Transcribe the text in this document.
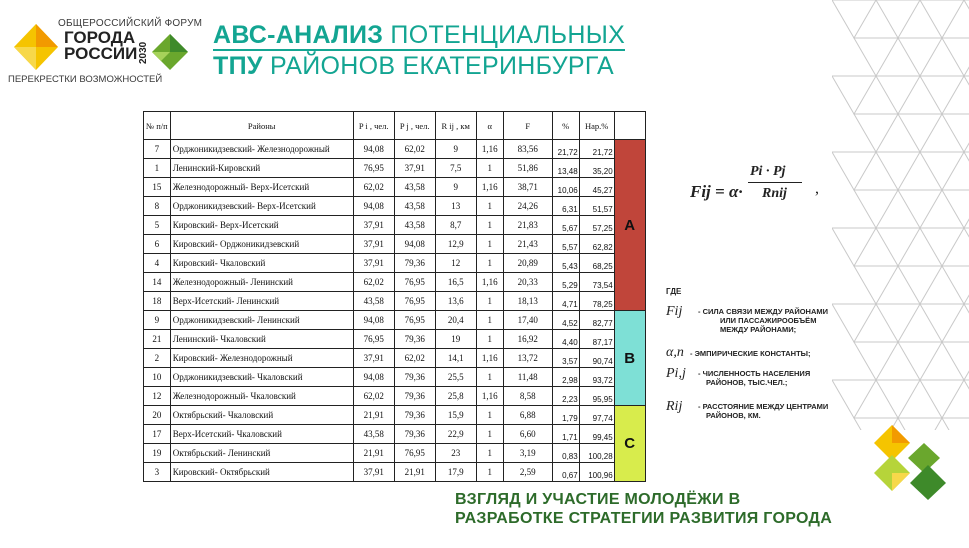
ОБЩЕРОССИЙСКИЙ ФОРУМ
ГОРОДА
РОССИИ 2030
ПЕРЕКРЕСТКИ ВОЗМОЖНОСТЕЙ
АВС-АНАЛИЗ ПОТЕНЦИАЛЬНЫХ
ТПУ РАЙОНОВ ЕКАТЕРИНБУРГА
№ п/п	Районы	P i , чел.	P j , чел.	R ij , км	α	F	%	Нар.%	
7	Орджоникидзевский- Железнодорожный	94,08	62,02	9	1,16	83,56	21,72	21,72	A
1	Ленинский-Кировский	76,95	37,91	7,5	1	51,86	13,48	35,20	
15	Железнодорожный- Верх-Исетский	62,02	43,58	9	1,16	38,71	10,06	45,27	
8	Орджоникидзевский- Верх-Исетский	94,08	43,58	13	1	24,26	6,31	51,57	
5	Кировский- Верх-Исетский	37,91	43,58	8,7	1	21,83	5,67	57,25	
6	Кировский- Орджоникидзевский	37,91	94,08	12,9	1	21,43	5,57	62,82	
4	Кировский- Чкаловский	37,91	79,36	12	1	20,89	5,43	68,25	
14	Железнодорожный- Ленинский	62,02	76,95	16,5	1,16	20,33	5,29	73,54	
18	Верх-Исетский- Ленинский	43,58	76,95	13,6	1	18,13	4,71	78,25	
9	Орджоникидзевский- Ленинский	94,08	76,95	20,4	1	17,40	4,52	82,77	B
21	Ленинский- Чкаловский	76,95	79,36	19	1	16,92	4,40	87,17	
2	Кировский- Железнодорожный	37,91	62,02	14,1	1,16	13,72	3,57	90,74	
10	Орджоникидзевский- Чкаловский	94,08	79,36	25,5	1	11,48	2,98	93,72	
12	Железнодорожный- Чкаловский	62,02	79,36	25,8	1,16	8,58	2,23	95,95	
20	Октябрьский- Чкаловский	21,91	79,36	15,9	1	6,88	1,79	97,74	C
17	Верх-Исетский- Чкаловский	43,58	79,36	22,9	1	6,60	1,71	99,45	
19	Октябрьский- Ленинский	21,91	76,95	23	1	3,19	0,83	100,28	
3	Кировский- Октябрьский	37,91	21,91	17,9	1	2,59	0,67	100,96	
Fij = α·
Pi · Pj
Rnij ,
ГДЕ
Fij - СИЛА СВЯЗИ МЕЖДУ РАЙОНАМИ
ИЛИ ПАССАЖИРООБЪЁМ
МЕЖДУ РАЙОНАМИ;
α,n - ЭМПИРИЧЕСКИЕ КОНСТАНТЫ;
Pi,j - ЧИСЛЕННОСТЬ НАСЕЛЕНИЯ
РАЙОНОВ, ТЫС.ЧЕЛ.;
Rij - РАССТОЯНИЕ МЕЖДУ ЦЕНТРАМИ
РАЙОНОВ, КМ.
ВЗГЛЯД И УЧАСТИЕ МОЛОДЁЖИ В
РАЗРАБОТКЕ СТРАТЕГИИ РАЗВИТИЯ ГОРОДА
